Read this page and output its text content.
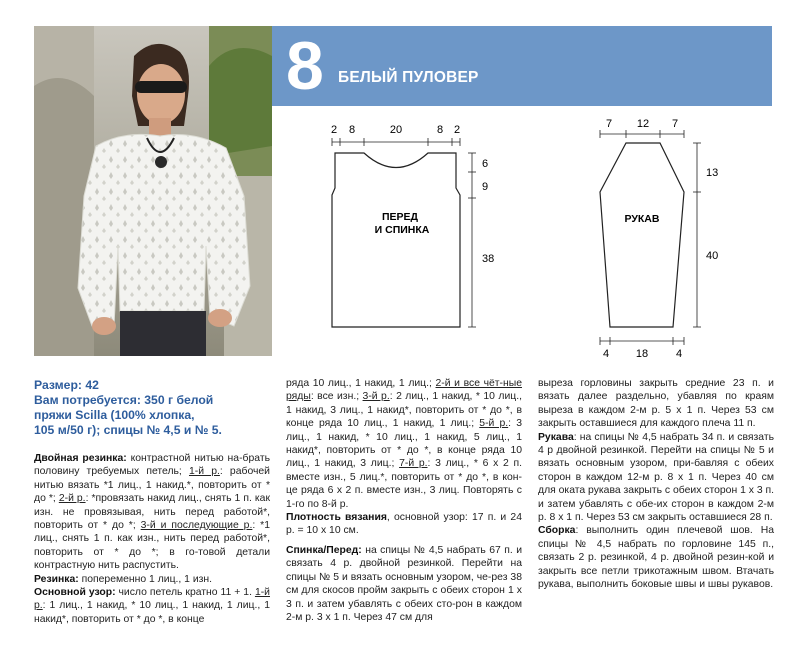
8 БЕЛЫЙ ПУЛОВЕР
2 8	20	8 2
6
9
38
ПЕРЕД
И СПИНКА
7 12 7
4 18	4
13
40
РУКАВ

Размер: 42

Вам потребуется: 350 г белой

пряжи Scilla (100% хлопка,

105 м/50 г); спицы № 4,5 и № 5.

Двойная резинка: контрастной нитью на-брать половину требуемых петель; 1-й р.: рабочей нитью вязать *1 лиц., 1 накид.*, повторить от * до *; 2-й р.: *провязать накид лиц., снять 1 п. как изн. не провязывая, нить перед работой*, повторить от * до *; 3-й и последующие р.: *1 лиц., снять 1 п. как изн., нить перед работой*, повторить от * до *; в го-товой детали контрастную нить распустить.

Резинка: попеременно 1 лиц., 1 изн.

Основной узор: число петель кратно 11 + 1. 1-й р.: 1 лиц., 1 накид, * 10 лиц., 1 накид, 1 лиц., 1 накид*, повторить от * до *, в конце

ряда 10 лиц., 1 накид, 1 лиц.; 2-й и все чёт-ные ряды: все изн.; 3-й р.: 2 лиц., 1 накид, * 10 лиц., 1 накид, 3 лиц., 1 накид*, повторить от * до *, в конце ряда 10 лиц., 1 накид, 1 лиц.; 5-й р.: 3 лиц., 1 накид, * 10 лиц., 1 накид, 5 лиц., 1 накид*, повторить от * до *, в конце ряда 10 лиц., 1 накид, 3 лиц.; 7-й р.: 3 лиц., * 6 х 2 п. вместе изн., 5 лиц.*, повторить от * до *, в кон-це ряда 6 х 2 п. вместе изн., 3 лиц. Повторять с 1-го по 8-й р.

Плотность вязания, основной узор: 17 п. и 24 р. = 10 х 10 см.

Спинка/Перед: на спицы № 4,5 набрать 67 п. и связать 4 р. двойной резинкой. Перейти на спицы № 5 и вязать основным узором, че-рез 38 см для скосов пройм закрыть с обеих сторон 1 х 3 п. и затем убавлять с обеих сто-рон в каждом 2-м р. 3 х 1 п. Через 47 см для

выреза горловины закрыть средние 23 п. и вязать далее раздельно, убавляя по краям выреза в каждом 2-м р. 5 х 1 п. Через 53 см закрыть оставшиеся для каждого плеча 11 п.

Рукава: на спицы № 4,5 набрать 34 п. и связать 4 р двойной резинкой. Перейти на спицы № 5 и вязать основным узором, при-бавляя с обеих сторон в каждом 12-м р. 8 х 1 п. Через 40 см для оката рукава закрыть с обеих сторон 1 х 3 п. и затем убавлять с обе-их сторон в каждом 2-м р. 8 х 1 п. Через 53 см закрыть оставшиеся 28 п.

Сборка: выполнить один плечевой шов. На спицы № 4,5 набрать по горловине 145 п., связать 2 р. резинкой, 4 р. двойной резин-кой и закрыть все петли трикотажным швом. Втачать рукава, выполнить боковые швы и швы рукавов.
